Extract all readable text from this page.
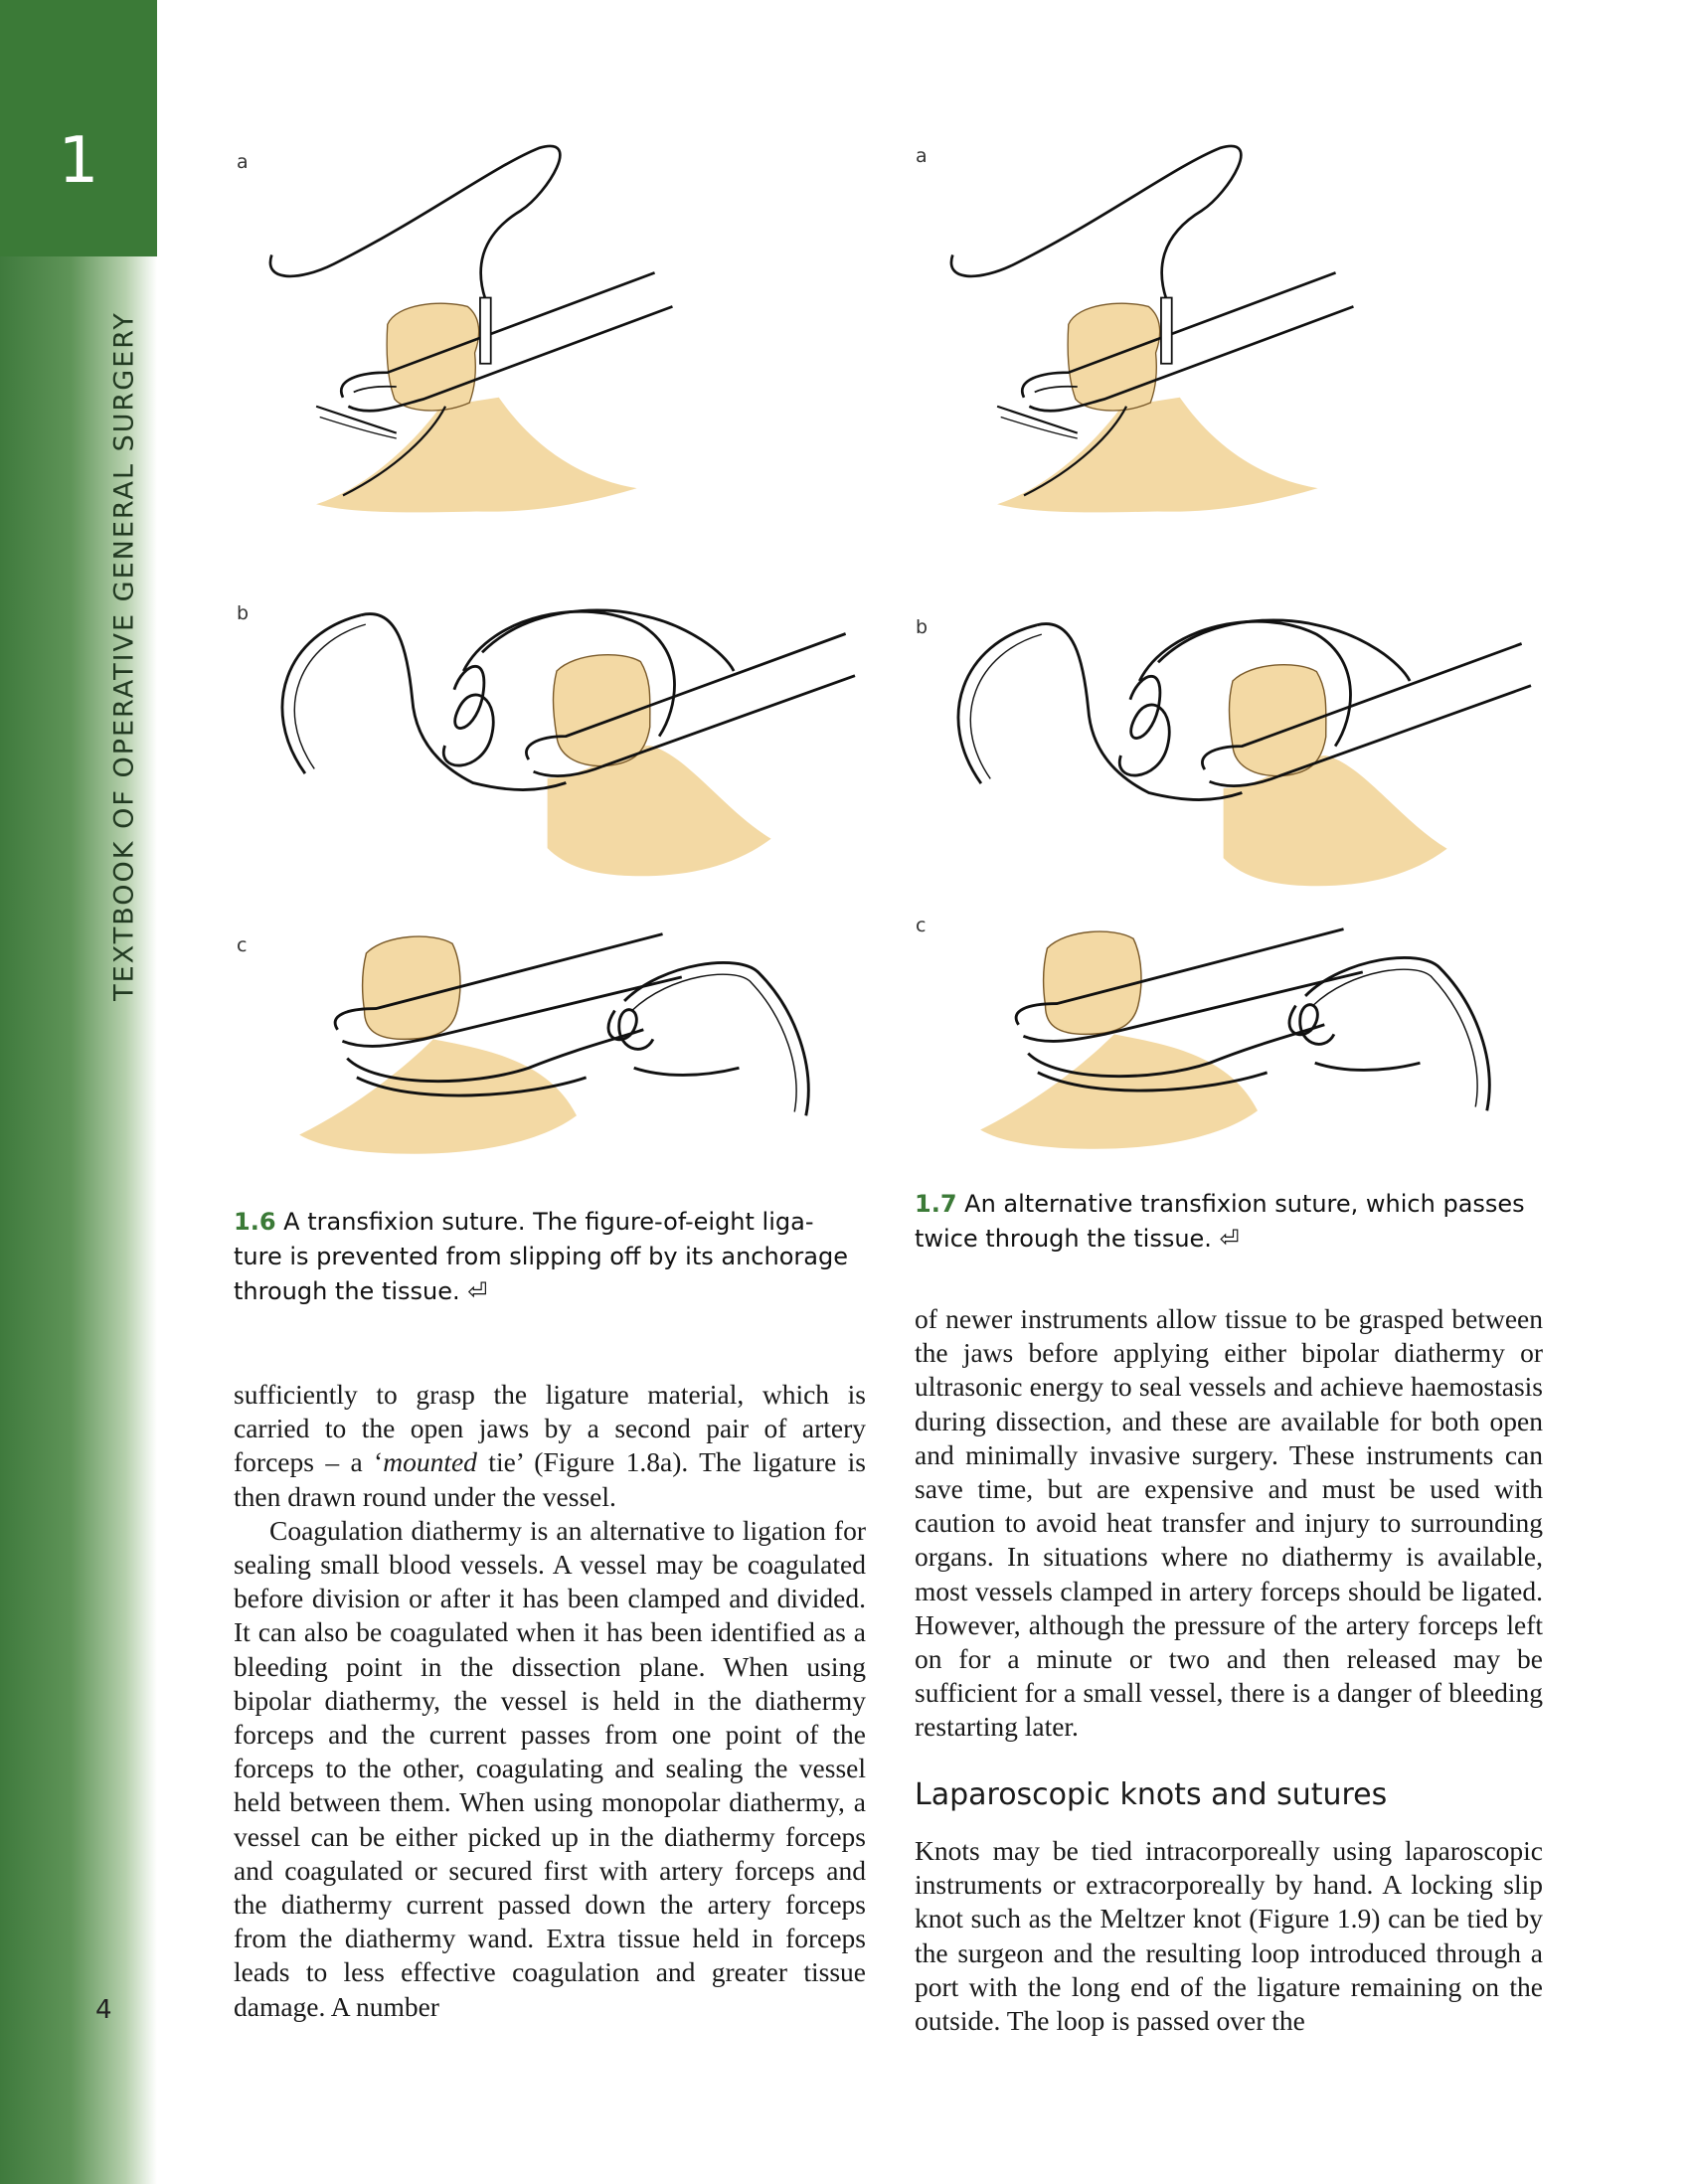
1
TEXTBOOK OF OPERATIVE GENERAL SURGERY
4
a
b
c
a
b
c
1.6 A transfixion suture. The figure-of-eight liga-
ture is prevented from slipping off by its anchorage
through the tissue. ⏎
1.7 An alternative transfixion suture, which passes
twice through the tissue. ⏎

sufficiently to grasp the ligature material, which is carried to the open jaws by a second pair of artery forceps – a ‘mounted tie’ (Figure 1.8a). The ligature is then drawn round under the vessel.

Coagulation diathermy is an alternative to ligation for sealing small blood vessels. A vessel may be coagulated before division or after it has been clamped and divided. It can also be coagulated when it has been identified as a bleeding point in the dissection plane. When using bipolar diathermy, the vessel is held in the diathermy forceps and the current passes from one point of the forceps to the other, coagulating and sealing the vessel held between them. When using monopolar diathermy, a vessel can be either picked up in the diathermy forceps and coagulated or secured first with artery forceps and the diathermy current passed down the artery forceps from the diathermy wand. Extra tissue held in forceps leads to less effective coagulation and greater tissue damage. A number

of newer instruments allow tissue to be grasped between the jaws before applying either bipolar diathermy or ultrasonic energy to seal vessels and achieve haemostasis during dissection, and these are available for both open and minimally invasive surgery. These instruments can save time, but are expensive and must be used with caution to avoid heat transfer and injury to surrounding organs. In situations where no diathermy is available, most vessels clamped in artery forceps should be ligated. However, although the pressure of the artery forceps left on for a minute or two and then released may be sufficient for a small vessel, there is a danger of bleeding restarting later.

Laparoscopic knots and sutures

Knots may be tied intracorporeally using laparoscopic instruments or extracorporeally by hand. A locking slip knot such as the Meltzer knot (Figure 1.9) can be tied by the surgeon and the resulting loop introduced through a port with the long end of the ligature remaining on the outside. The loop is passed over the
